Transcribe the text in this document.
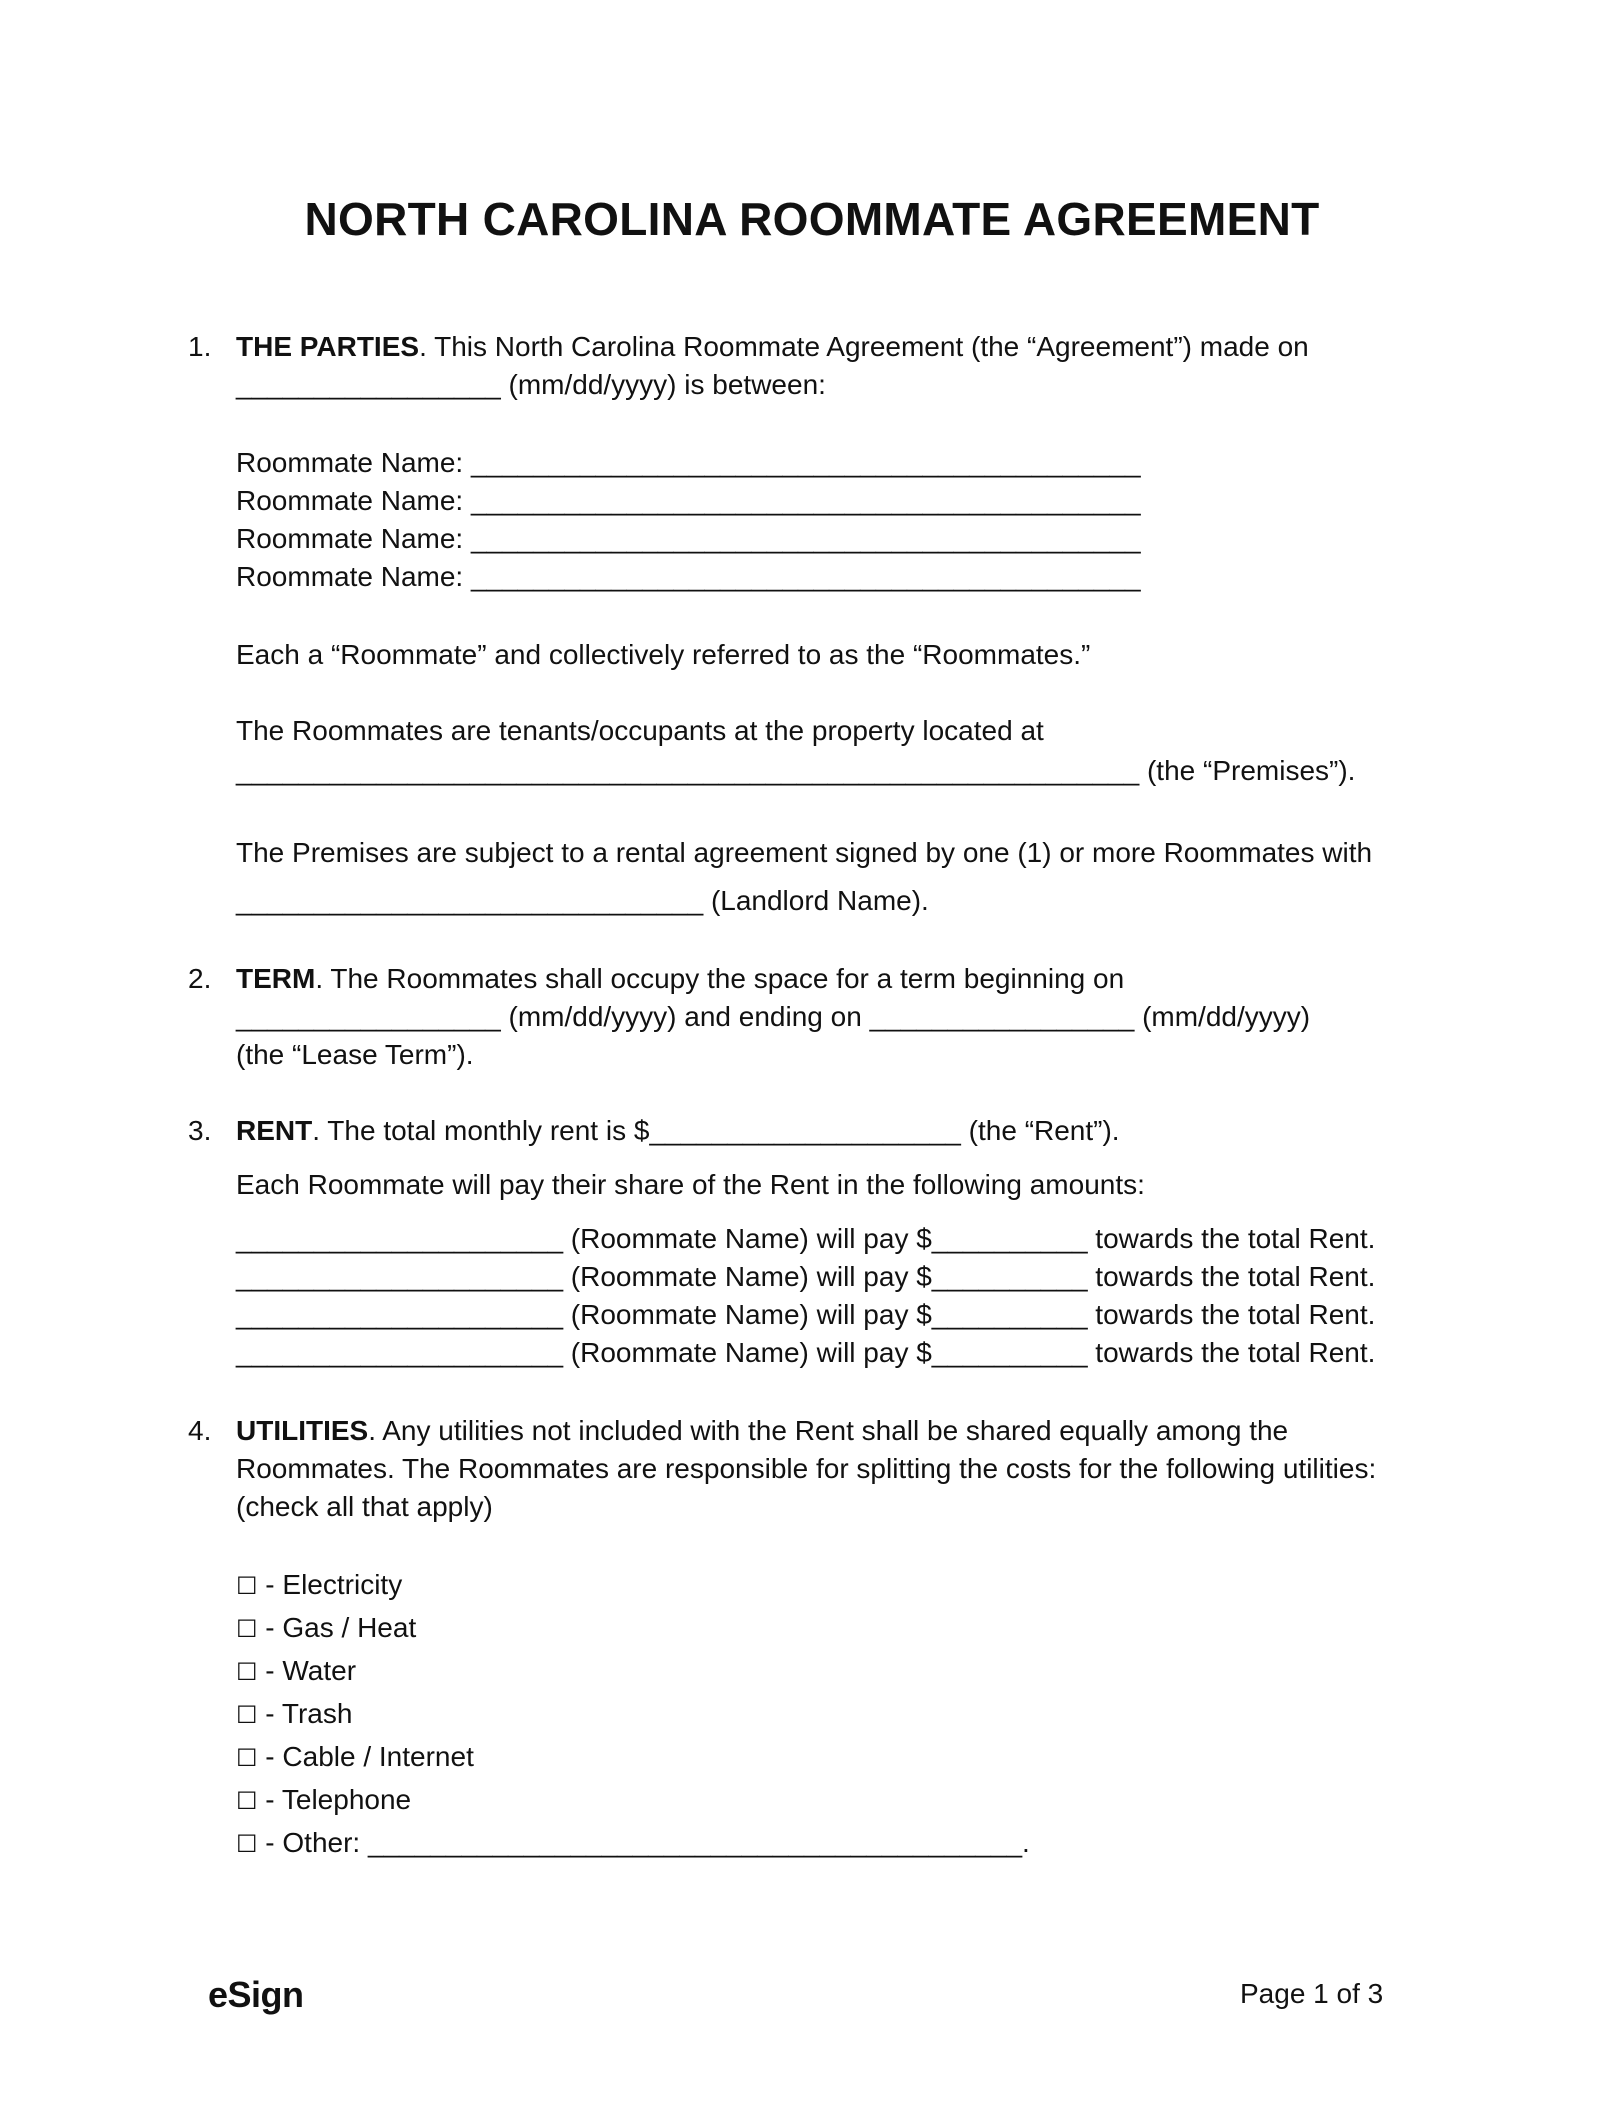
NORTH CAROLINA ROOMMATE AGREEMENT
1. THE PARTIES. This North Carolina Roommate Agreement (the “Agreement”) made on

_________________ (mm/dd/yyyy) is between:

Roommate Name: ___________________________________________

Roommate Name: ___________________________________________

Roommate Name: ___________________________________________

Roommate Name: ___________________________________________

Each a “Roommate” and collectively referred to as the “Roommates.”

The Roommates are tenants/occupants at the property located at

__________________________________________________________ (the “Premises”).

The Premises are subject to a rental agreement signed by one (1) or more Roommates with

______________________________ (Landlord Name).

2. TERM. The Roommates shall occupy the space for a term beginning on

_________________ (mm/dd/yyyy) and ending on _________________ (mm/dd/yyyy)

(the “Lease Term”).

3. RENT. The total monthly rent is $____________________ (the “Rent”).

Each Roommate will pay their share of the Rent in the following amounts:

_____________________ (Roommate Name) will pay $__________ towards the total Rent.

_____________________ (Roommate Name) will pay $__________ towards the total Rent.

_____________________ (Roommate Name) will pay $__________ towards the total Rent.

_____________________ (Roommate Name) will pay $__________ towards the total Rent.

4. UTILITIES. Any utilities not included with the Rent shall be shared equally among the

Roommates. The Roommates are responsible for splitting the costs for the following utilities:

(check all that apply)

☐ - Electricity

☐ - Gas / Heat

☐ - Water

☐ - Trash

☐ - Cable / Internet

☐ - Telephone

☐ - Other: __________________________________________.

eSign	Page 1 of 3
